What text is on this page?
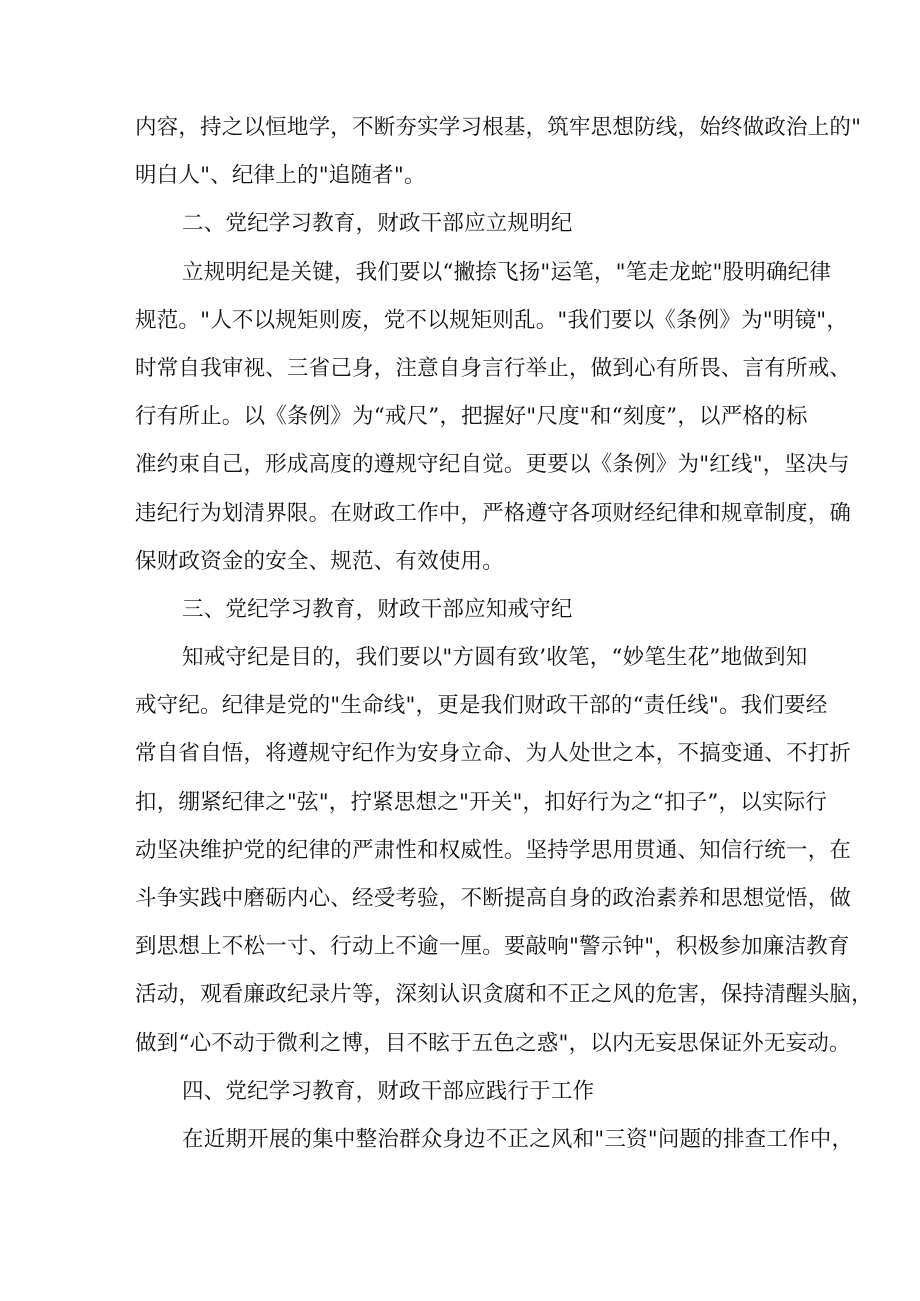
内容，持之以恒地学，不断夯实学习根基，筑牢思想防线，始终做政治上的"
明白人"、纪律上的"追随者"。
二、党纪学习教育，财政干部应立规明纪
立规明纪是关键，我们要以“撇捺飞扬"运笔，"笔走龙蛇"股明确纪律
规范。"人不以规矩则废，党不以规矩则乱。"我们要以《条例》为"明镜"，
时常自我审视、三省己身，注意自身言行举止，做到心有所畏、言有所戒、
行有所止。以《条例》为“戒尺”，把握好"尺度"和“刻度”，以严格的标
准约束自己，形成高度的遵规守纪自觉。更要以《条例》为"红线"，坚决与
违纪行为划清界限。在财政工作中，严格遵守各项财经纪律和规章制度，确
保财政资金的安全、规范、有效使用。
三、党纪学习教育，财政干部应知戒守纪
知戒守纪是目的，我们要以"方圆有致’收笔，“妙笔生花”地做到知
戒守纪。纪律是党的"生命线"，更是我们财政干部的“责任线"。我们要经
常自省自悟，将遵规守纪作为安身立命、为人处世之本，不搞变通、不打折
扣，绷紧纪律之"弦"，拧紧思想之"开关"，扣好行为之“扣子”，以实际行
动坚决维护党的纪律的严肃性和权威性。坚持学思用贯通、知信行统一，在
斗争实践中磨砺内心、经受考验，不断提高自身的政治素养和思想觉悟，做
到思想上不松一寸、行动上不逾一厘。要敲响"警示钟"，积极参加廉洁教育
活动，观看廉政纪录片等，深刻认识贪腐和不正之风的危害，保持清醒头脑，
做到“心不动于微利之博，目不眩于五色之惑"，以内无妄思保证外无妄动。
四、党纪学习教育，财政干部应践行于工作
在近期开展的集中整治群众身边不正之风和"三资"问题的排查工作中，
